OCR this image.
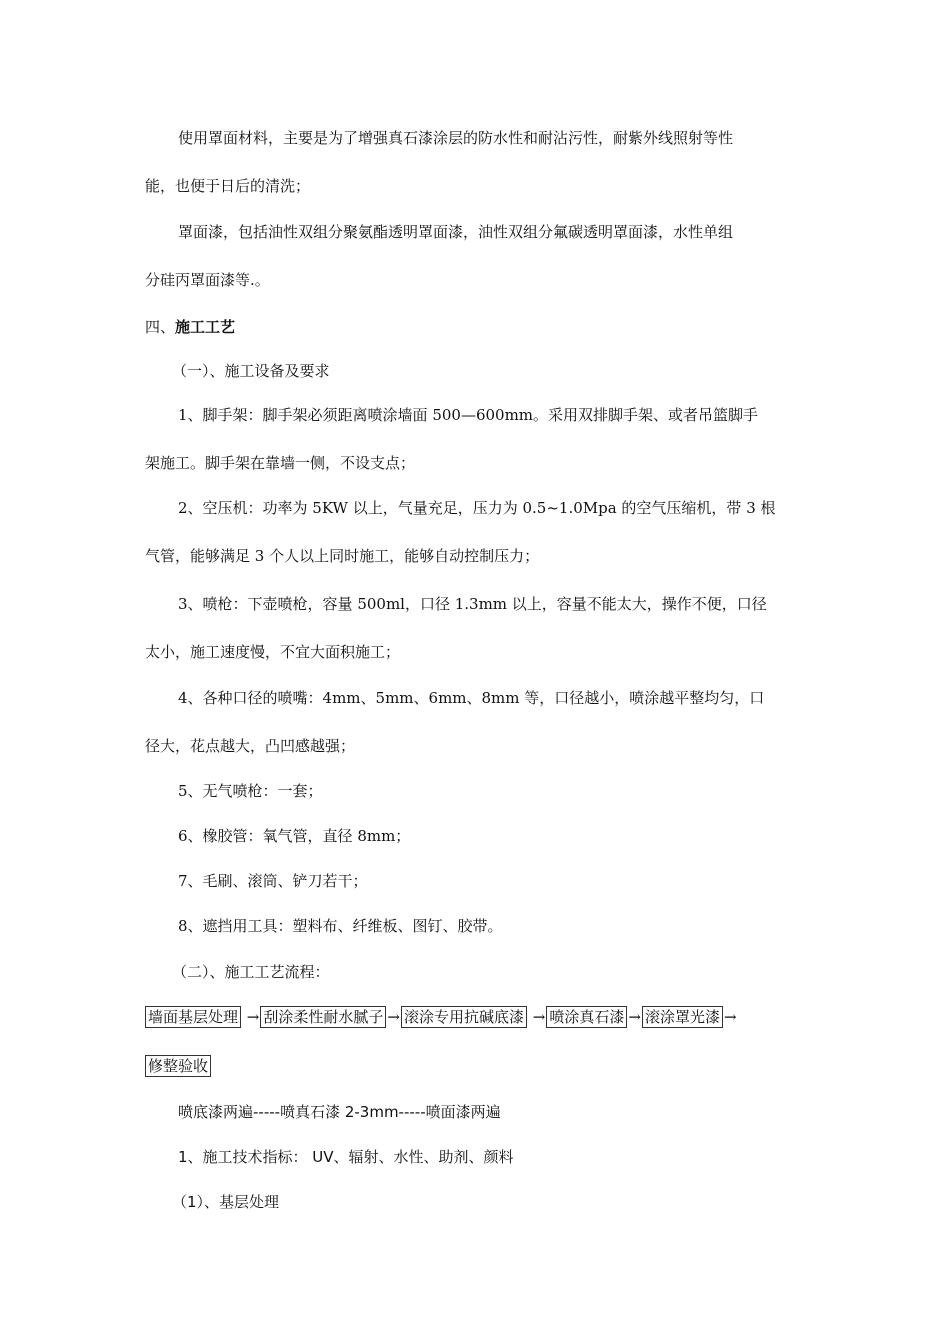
使用罩面材料，主要是为了增强真石漆涂层的防水性和耐沾污性，耐紫外线照射等性
能，也便于日后的清洗；
罩面漆，包括油性双组分聚氨酯透明罩面漆，油性双组分氟碳透明罩面漆，水性单组
分硅丙罩面漆等.。
四、施工工艺
（一）、施工设备及要求
1、脚手架：脚手架必须距离喷涂墙面 500—600mm。采用双排脚手架、或者吊篮脚手
架施工。脚手架在靠墙一侧，不设支点；
2、空压机：功率为 5KW 以上，气量充足，压力为 0.5~1.0Mpa 的空气压缩机，带 3 根
气管，能够满足 3 个人以上同时施工，能够自动控制压力；
3、喷枪：下壶喷枪，容量 500ml，口径 1.3mm 以上，容量不能太大，操作不便，口径
太小，施工速度慢，不宜大面积施工；
4、各种口径的喷嘴：4mm、5mm、6mm、8mm 等，口径越小，喷涂越平整均匀，口
径大，花点越大，凸凹感越强；
5、无气喷枪：一套；
6、橡胶管：氧气管，直径 8mm；
7、毛刷、滚筒、铲刀若干；
8、遮挡用工具：塑料布、纤维板、图钉、胶带。
（二）、施工工艺流程：
墙面基层处理 → 刮涂柔性耐水腻子 → 滚涂专用抗碱底漆 → 喷涂真石漆 → 滚涂罩光漆 →
修整验收
喷底漆两遍-----喷真石漆 2-3mm-----喷面漆两遍
1、施工技术指标： UV、辐射、水性、助剂、颜料
（1）、基层处理
